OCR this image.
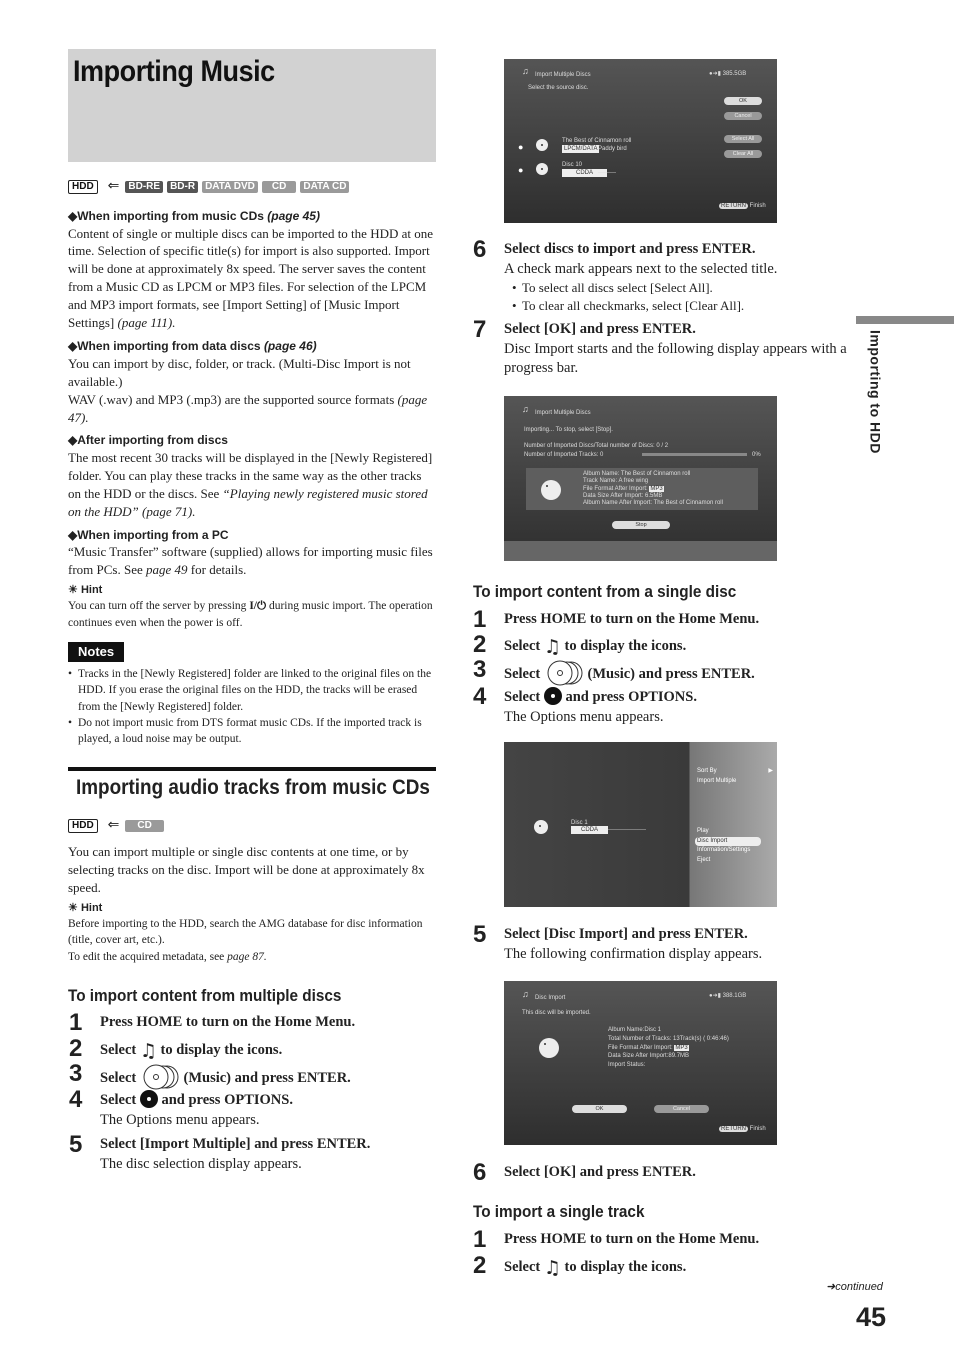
Importing Music
HDD ⇐ BD-RE BD-R DATA DVD CD DATA CD
◆When importing from music CDs (page 45)

Content of single or multiple discs can be imported to the HDD at one time. Selection of specific title(s) for import is also supported. Import will be done at approximately 8x speed. The server saves the content from a Music CD as LPCM or MP3 files. For selection of the LPCM and MP3 import formats, see [Import Setting] of [Music Import Settings] (page 111).

◆When importing from data discs (page 46)

You can import by disc, folder, or track. (Multi-Disc Import is not available.)

WAV (.wav) and MP3 (.mp3) are the supported source formats (page 47).

◆After importing from discs

The most recent 30 tracks will be displayed in the [Newly Registered] folder. You can play these tracks in the same way as the other tracks on the HDD or the discs. See “Playing newly registered music stored on the HDD” (page 71).

◆When importing from a PC

“Music Transfer” software (supplied) allows for importing music files from PCs. See page 49 for details.

☀ Hint

You can turn off the server by pressing I/⏻ during music import. The operation continues even when the power is off.

Notes
• Tracks in the [Newly Registered] folder are linked to the original files on the HDD. If you erase the original files on the HDD, the tracks will be erased from the [Newly Registered] folder.
• Do not import music from DTS format music CDs. If the imported track is played, a loud noise may be output.
Importing audio tracks from music CDs
HDD ⇐ CD

You can import multiple or single disc contents at one time, or by selecting tracks on the disc. Import will be done at approximately 8x speed.

☀ Hint

Before importing to the HDD, search the AMG database for disc information (title, cover art, etc.).

To edit the acquired metadata, see page 87.

To import content from multiple discs
1 Press HOME to turn on the Home Menu.
2 Select ♫ to display the icons.
3 Select	(Music) and press ENTER.
4 Select  and press OPTIONS.
The Options menu appears.
5 Select [Import Multiple] and press ENTER.
The disc selection display appears.
♫ Import Multiple Discs	●➜▮ 385.5GB
Select the source disc.
OK
Cancel
Select All
Clear All
●
The Best of Cinnamon roll
LPCM/DATA Paddy bird
●	Disc 10
CDDA ---------
RETURN Finish
6 Select discs to import and press ENTER.
A check mark appears next to the selected title.
• To select all discs select [Select All].
• To clear all checkmarks, select [Clear All].
7 Select [OK] and press ENTER.
Disc Import starts and the following display appears with a progress bar.
♫ Import Multiple Discs
Importing... To stop, select [Stop].
Number of Imported Discs/Total number of Discs: 0 / 2
Number of Imported Tracks: 0	0%
Album Name: The Best of Cinnamon roll
Track Name: A free wing
File Format After Import: MP3
Data Size After Import: 6.5MB
Album Name After Import: The Best of Cinnamon roll
Stop
To import content from a single disc
1 Press HOME to turn on the Home Menu.
2 Select ♫ to display the icons.
3 Select	(Music) and press ENTER.
4 Select  and press OPTIONS.
The Options menu appears.
Disc 1
CDDA	-------------------
Sort By	▶
Import Multiple
Play
Disc Import
Information/Settings
Eject
5 Select [Disc Import] and press ENTER.
The following confirmation display appears.
♫ Disc Import	●➜▮ 388.1GB
This disc will be imported.
Album Name:Disc 1
Total Number of Tracks: 13Track(s) ( 0:46:46)
File Format After Import: MP3
Data Size After Import:89.7MB
Import Status:
OK	Cancel
RETURN Finish
6 Select [OK] and press ENTER.
To import a single track
1 Press HOME to turn on the Home Menu.
2 Select ♫ to display the icons.
➜continued
45
Importing to HDD
